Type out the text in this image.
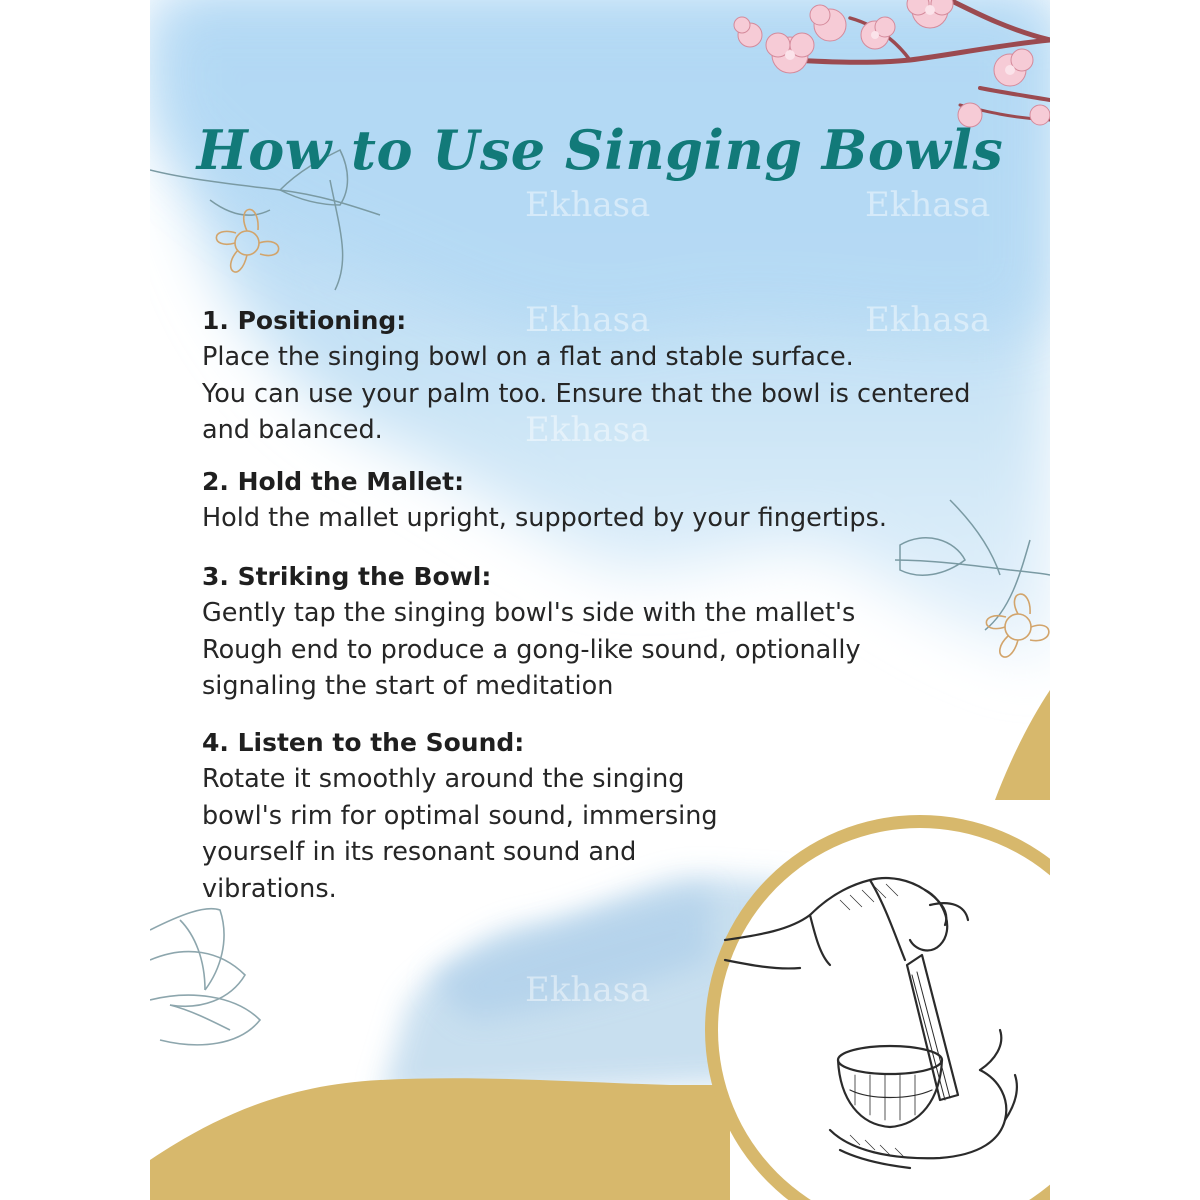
Ekhasa	Ekhasa
Ekhasa	Ekhasa
Ekhasa
Ekhasa
How to Use Singing Bowls
1. Positioning:

Place the singing bowl on a flat and stable surface.

You can use your palm too. Ensure that the bowl is centered

and balanced.

2. Hold the Mallet:

Hold the mallet upright, supported by your fingertips.

3. Striking the Bowl:

Gently tap the singing bowl's side with the mallet's

Rough end to produce a gong-like sound, optionally

signaling the start of meditation

4. Listen to the Sound:

Rotate it smoothly around the singing

bowl's rim for optimal sound, immersing

yourself in its resonant sound and

vibrations.
